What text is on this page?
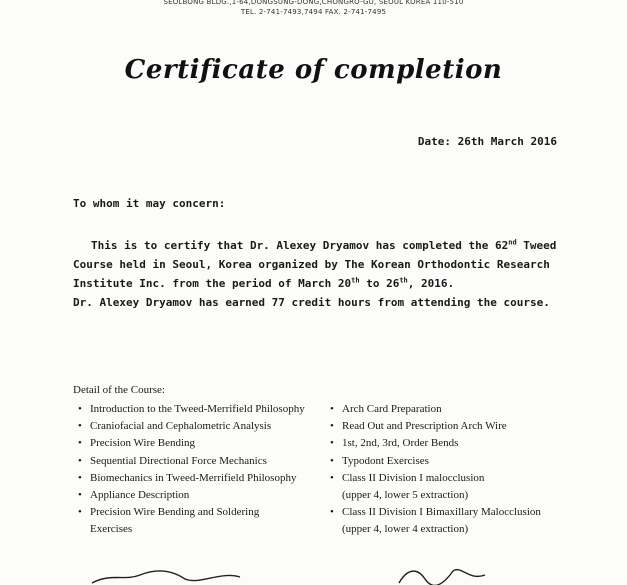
SEOLBONG BLDG.,1-64,DONGSUNG-DONG,CHONGRO-GU, SEOUL KOREA 110-510
TEL. 2-741-7493,7494 FAX. 2-741-7495
Certificate of completion
Date: 26th March 2016
To whom it may concern:
This is to certify that Dr. Alexey Dryamov has completed the 62nd Tweed
Course held in Seoul, Korea organized by The Korean Orthodontic Research
Institute Inc. from the period of March 20th to 26th, 2016.
Dr. Alexey Dryamov has earned 77 credit hours from attending the course.
Detail of the Course:
• Introduction to the Tweed-Merrifield Philosophy
• Craniofacial and Cephalometric Analysis
• Precision Wire Bending
• Sequential Directional Force Mechanics
• Biomechanics in Tweed-Merrifield Philosophy
• Appliance Description
• Precision Wire Bending and Soldering
Exercises
• Arch Card Preparation
• Read Out and Prescription Arch Wire
• 1st, 2nd, 3rd, Order Bends
• Typodont Exercises
• Class II Division I malocclusion
(upper 4, lower 5 extraction)
• Class II Division I Bimaxillary Malocclusion
(upper 4, lower 4 extraction)
